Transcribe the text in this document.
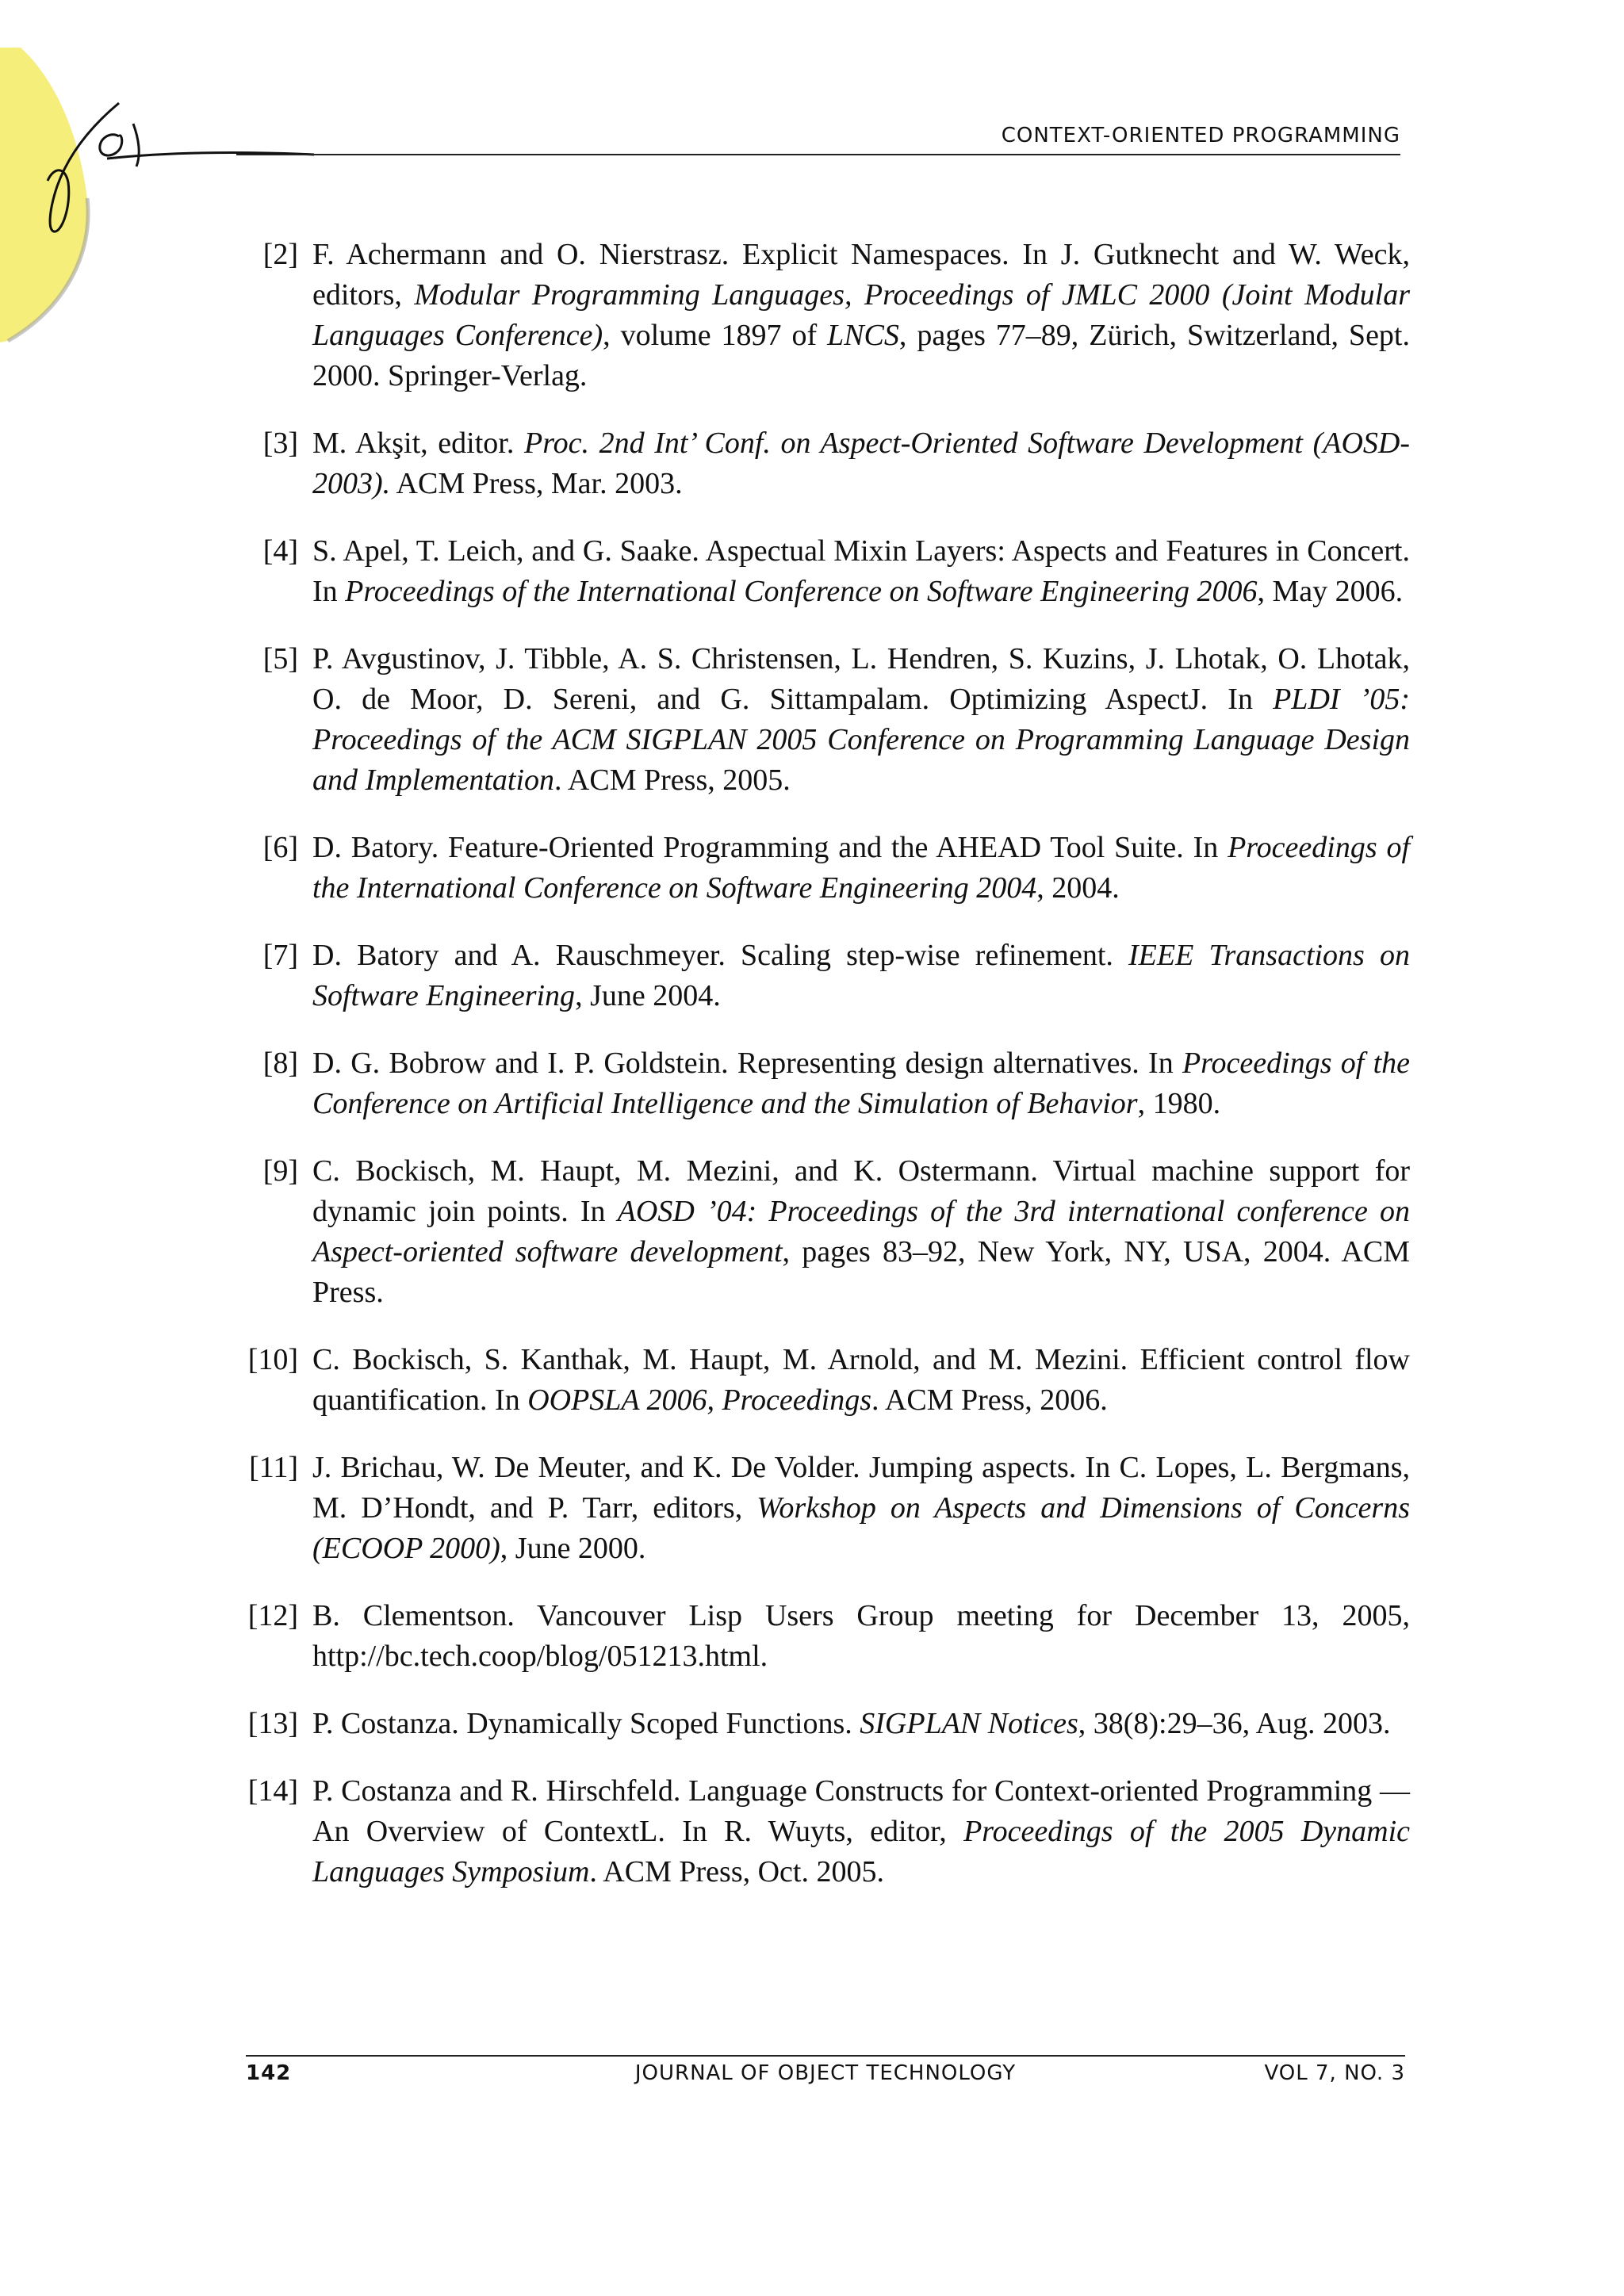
CONTEXT-ORIENTED PROGRAMMING
[2] F. Achermann and O. Nierstrasz. Explicit Namespaces. In J. Gutknecht and W. Weck, editors, Modular Programming Languages, Proceedings of JMLC 2000 (Joint Modular Languages Conference), volume 1897 of LNCS, pages 77–89, Zürich, Switzerland, Sept. 2000. Springer-Verlag.
[3] M. Akşit, editor. Proc. 2nd Int’ Conf. on Aspect-Oriented Software Development (AOSD-2003). ACM Press, Mar. 2003.
[4] S. Apel, T. Leich, and G. Saake. Aspectual Mixin Layers: Aspects and Features in Concert. In Proceedings of the International Conference on Software Engineering 2006, May 2006.
[5] P. Avgustinov, J. Tibble, A. S. Christensen, L. Hendren, S. Kuzins, J. Lhotak, O. Lhotak, O. de Moor, D. Sereni, and G. Sittampalam. Optimizing AspectJ. In PLDI ’05: Proceedings of the ACM SIGPLAN 2005 Conference on Programming Language Design and Implementation. ACM Press, 2005.
[6] D. Batory. Feature-Oriented Programming and the AHEAD Tool Suite. In Proceedings of the International Conference on Software Engineering 2004, 2004.
[7] D. Batory and A. Rauschmeyer. Scaling step-wise refinement. IEEE Transactions on Software Engineering, June 2004.
[8] D. G. Bobrow and I. P. Goldstein. Representing design alternatives. In Proceedings of the Conference on Artificial Intelligence and the Simulation of Behavior, 1980.
[9] C. Bockisch, M. Haupt, M. Mezini, and K. Ostermann. Virtual machine support for dynamic join points. In AOSD ’04: Proceedings of the 3rd international conference on Aspect-oriented software development, pages 83–92, New York, NY, USA, 2004. ACM Press.
[10] C. Bockisch, S. Kanthak, M. Haupt, M. Arnold, and M. Mezini. Efficient control flow quantification. In OOPSLA 2006, Proceedings. ACM Press, 2006.
[11] J. Brichau, W. De Meuter, and K. De Volder. Jumping aspects. In C. Lopes, L. Bergmans, M. D’Hondt, and P. Tarr, editors, Workshop on Aspects and Dimensions of Concerns (ECOOP 2000), June 2000.
[12] B. Clementson. Vancouver Lisp Users Group meeting for December 13, 2005, http://bc.tech.coop/blog/051213.html.
[13] P. Costanza. Dynamically Scoped Functions. SIGPLAN Notices, 38(8):29–36, Aug. 2003.
[14] P. Costanza and R. Hirschfeld. Language Constructs for Context-oriented Programming — An Overview of ContextL. In R. Wuyts, editor, Proceedings of the 2005 Dynamic Languages Symposium. ACM Press, Oct. 2005.
142	JOURNAL OF OBJECT TECHNOLOGY	VOL 7, NO. 3
